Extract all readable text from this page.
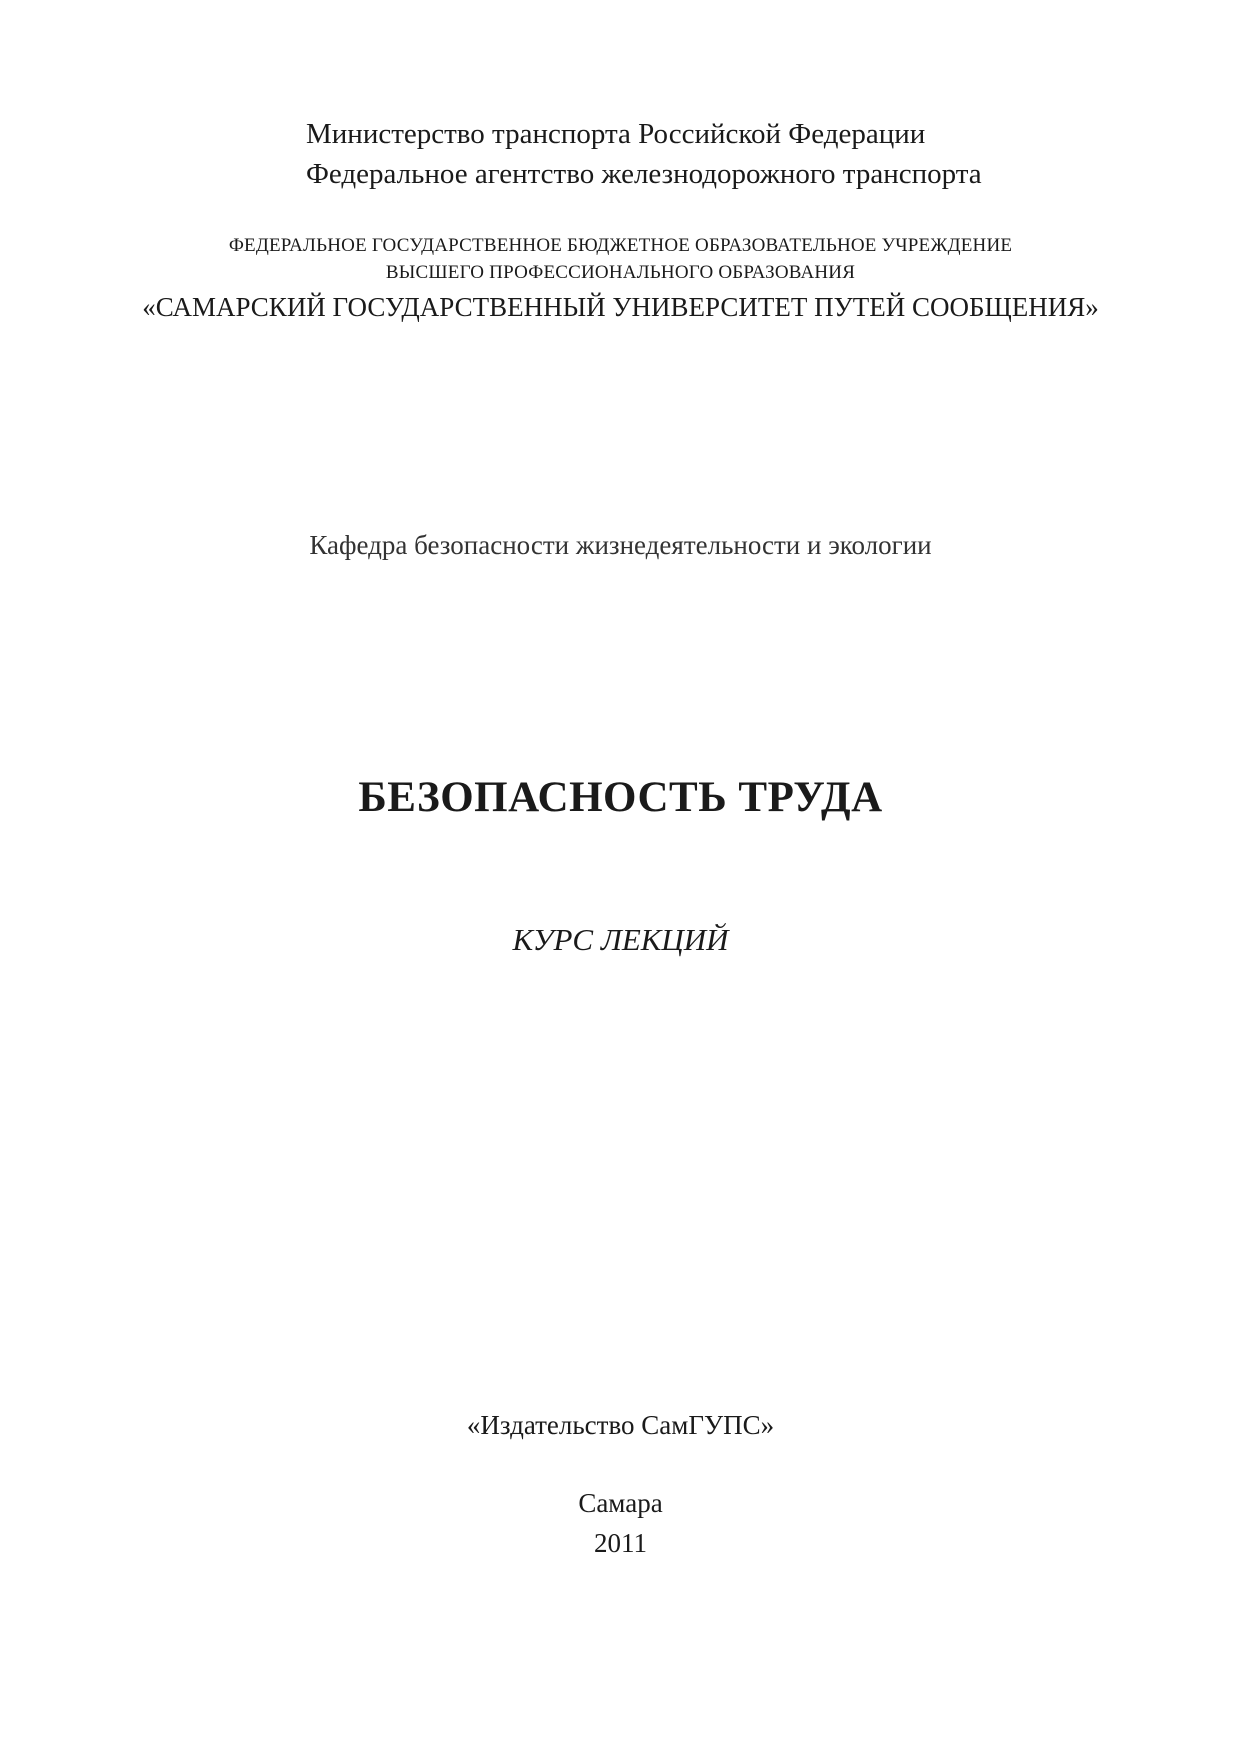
Министерство транспорта Российской Федерации
Федеральное агентство железнодорожного транспорта
ФЕДЕРАЛЬНОЕ ГОСУДАРСТВЕННОЕ БЮДЖЕТНОЕ ОБРАЗОВАТЕЛЬНОЕ УЧРЕЖДЕНИЕ
ВЫСШЕГО ПРОФЕССИОНАЛЬНОГО ОБРАЗОВАНИЯ
«САМАРСКИЙ ГОСУДАРСТВЕННЫЙ УНИВЕРСИТЕТ ПУТЕЙ СООБЩЕНИЯ»
Кафедра безопасности жизнедеятельности и экологии
БЕЗОПАСНОСТЬ ТРУДА
КУРС ЛЕКЦИЙ
«Издательство СамГУПС»
Самара
2011
